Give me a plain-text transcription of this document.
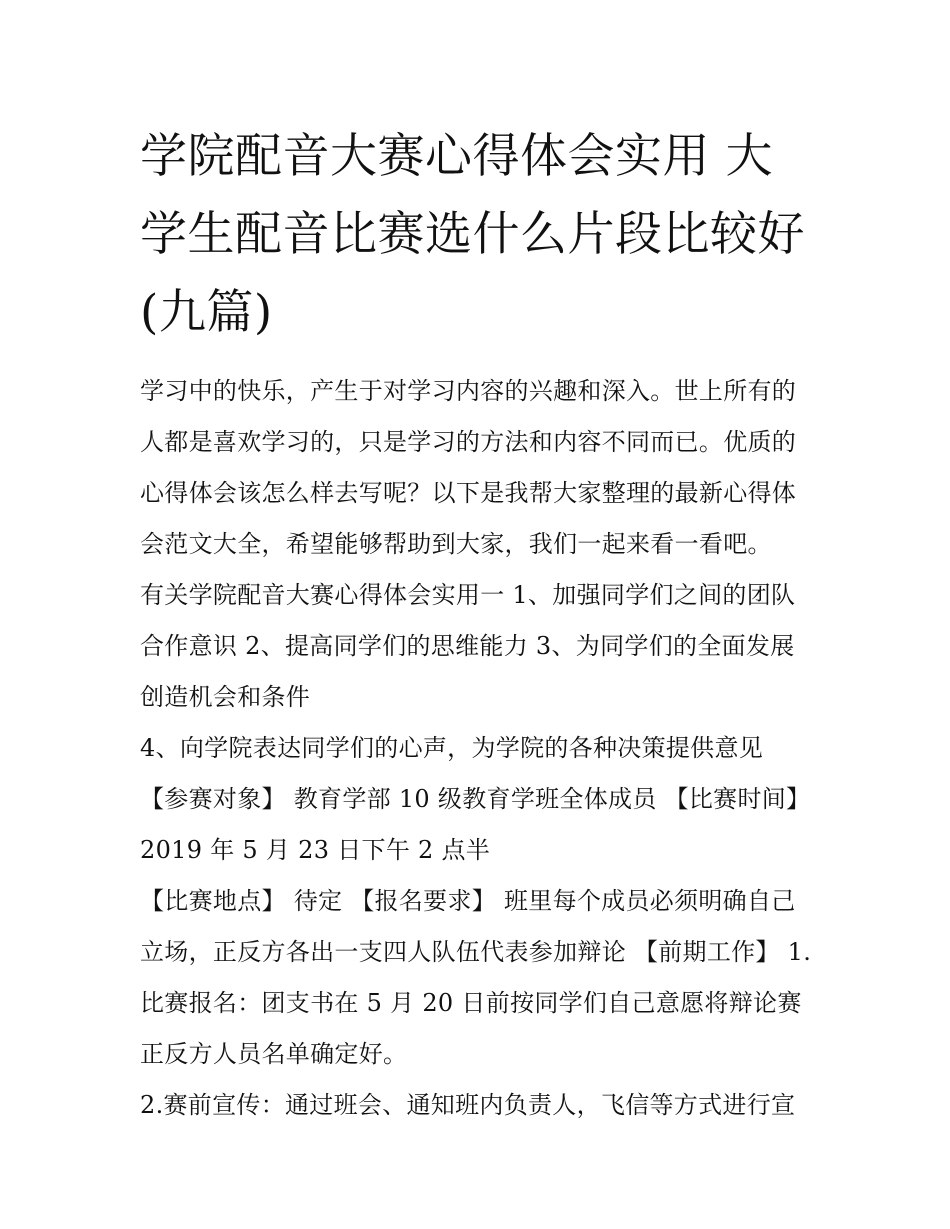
学院配音大赛心得体会实用 大学生配音比赛选什么片段比较好(九篇)

学习中的快乐，产生于对学习内容的兴趣和深入。世上所有的人都是喜欢学习的，只是学习的方法和内容不同而已。优质的心得体会该怎么样去写呢？以下是我帮大家整理的最新心得体会范文大全，希望能够帮助到大家，我们一起来看一看吧。

有关学院配音大赛心得体会实用一 1、加强同学们之间的团队合作意识 2、提高同学们的思维能力 3、为同学们的全面发展创造机会和条件

4、向学院表达同学们的心声，为学院的各种决策提供意见

【参赛对象】 教育学部 10 级教育学班全体成员 【比赛时间】 2019 年 5 月 23 日下午 2 点半

【比赛地点】 待定 【报名要求】 班里每个成员必须明确自己立场，正反方各出一支四人队伍代表参加辩论 【前期工作】 1.比赛报名：团支书在 5 月 20 日前按同学们自己意愿将辩论赛正反方人员名单确定好。

2.赛前宣传：通过班会、通知班内负责人，飞信等方式进行宣
